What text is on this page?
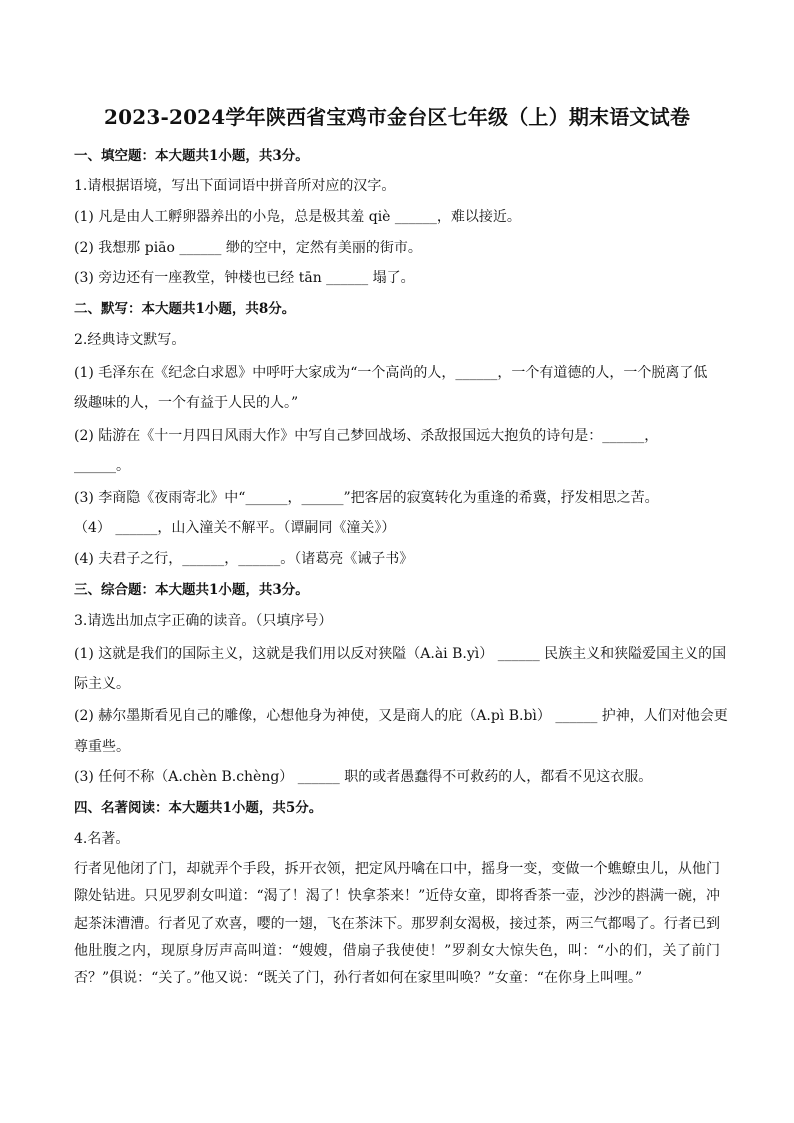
2023-2024学年陕西省宝鸡市金台区七年级（上）期末语文试卷
一、填空题：本大题共1小题，共3分。
1.请根据语境，写出下面词语中拼音所对应的汉字。
(1) 凡是由人工孵卵器养出的小凫，总是极其羞 qiè ______，难以接近。
(2) 我想那 piāo ______ 缈的空中，定然有美丽的街市。
(3) 旁边还有一座教堂，钟楼也已经 tān ______ 塌了。
二、默写：本大题共1小题，共8分。
2.经典诗文默写。
(1) 毛泽东在《纪念白求恩》中呼吁大家成为“一个高尚的人，______，一个有道德的人，一个脱离了低
级趣味的人，一个有益于人民的人。”
(2) 陆游在《十一月四日风雨大作》中写自己梦回战场、杀敌报国远大抱负的诗句是：______，
______。
(3) 李商隐《夜雨寄北》中“______，______”把客居的寂寞转化为重逢的希冀，抒发相思之苦。
（4） ______，山入潼关不解平。（谭嗣同《潼关》）
(4) 夫君子之行，______，______。（诸葛亮《诫子书》
三、综合题：本大题共1小题，共3分。
3.请选出加点字正确的读音。（只填序号）
(1) 这就是我们的国际主义，这就是我们用以反对狭隘（A.ài B.yì） ______ 民族主义和狭隘爱国主义的国
际主义。
(2) 赫尔墨斯看见自己的雕像，心想他身为神使，又是商人的庇（A.pì B.bì） ______ 护神，人们对他会更
尊重些。
(3) 任何不称（A.chèn B.chèng） ______ 职的或者愚蠢得不可救药的人，都看不见这衣服。
四、名著阅读：本大题共1小题，共5分。
4.名著。
行者见他闭了门，却就弄个手段，拆开衣领，把定风丹噙在口中，摇身一变，变做一个蟭蟟虫儿，从他门隙处钻进。只见罗刹女叫道：“渴了！渴了！快拿茶来！”近侍女童，即将香茶一壶，沙沙的斟满一碗，冲起茶沫漕漕。行者见了欢喜，嘤的一翅，飞在茶沫下。那罗刹女渴极，接过茶，两三气都喝了。行者已到他肚腹之内，现原身厉声高叫道：“嫂嫂，借扇子我使使！”罗刹女大惊失色，叫：“小的们，关了前门否？”俱说：“关了。”他又说：“既关了门，孙行者如何在家里叫唤？”女童：“在你身上叫哩。”
